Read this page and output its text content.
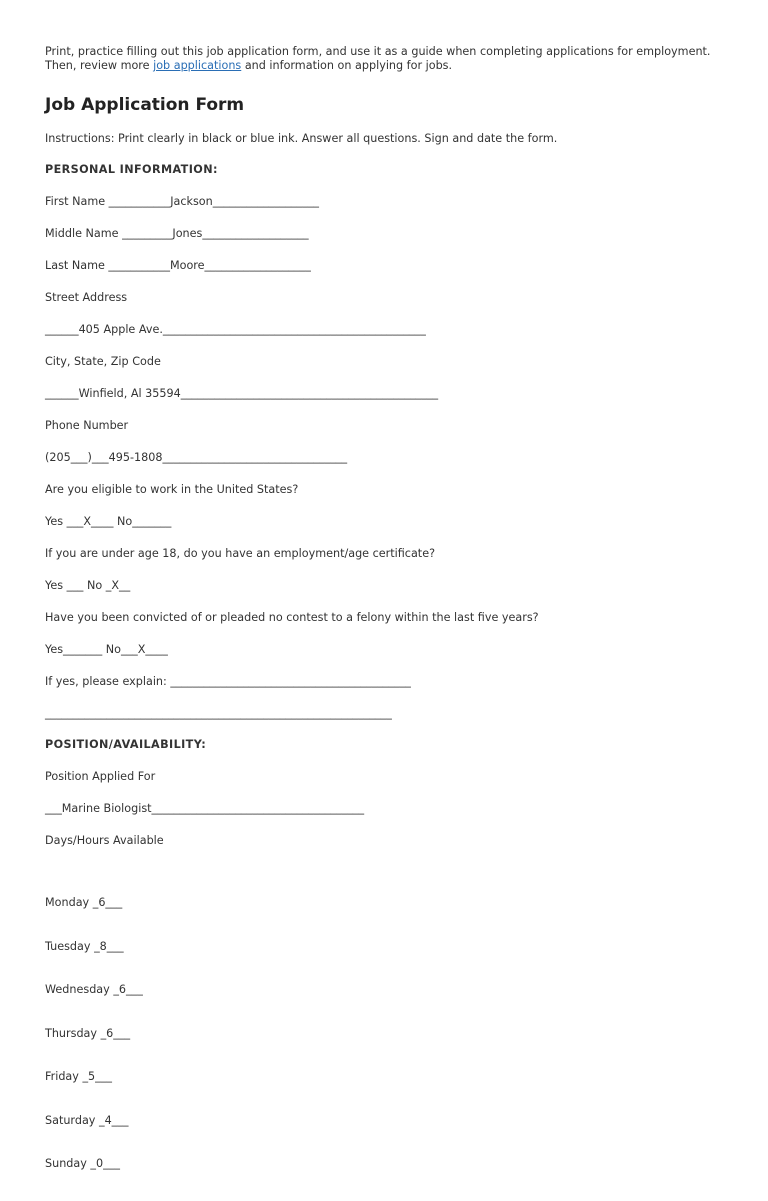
Print, practice filling out this job application form, and use it as a guide when completing applications for employment.
Then, review more job applications and information on applying for jobs.

Job Application Form

Instructions: Print clearly in black or blue ink. Answer all questions. Sign and date the form.

PERSONAL INFORMATION:

First Name ___________Jackson___________________

Middle Name _________Jones___________________

Last Name ___________Moore___________________

Street Address

______405 Apple Ave._______________________________________________

City, State, Zip Code

______Winfield, Al 35594______________________________________________

Phone Number

(205___)___495-1808_________________________________

Are you eligible to work in the United States?

Yes ___X____ No_______

If you are under age 18, do you have an employment/age certificate?

Yes ___ No _X__

Have you been convicted of or pleaded no contest to a felony within the last five years?

Yes_______ No___X____

If yes, please explain: ___________________________________________

______________________________________________________________

POSITION/AVAILABILITY:

Position Applied For

___Marine Biologist______________________________________

Days/Hours Available

Monday _6___

Tuesday _8___

Wednesday _6___

Thursday _6___

Friday _5___

Saturday _4___

Sunday _0___
